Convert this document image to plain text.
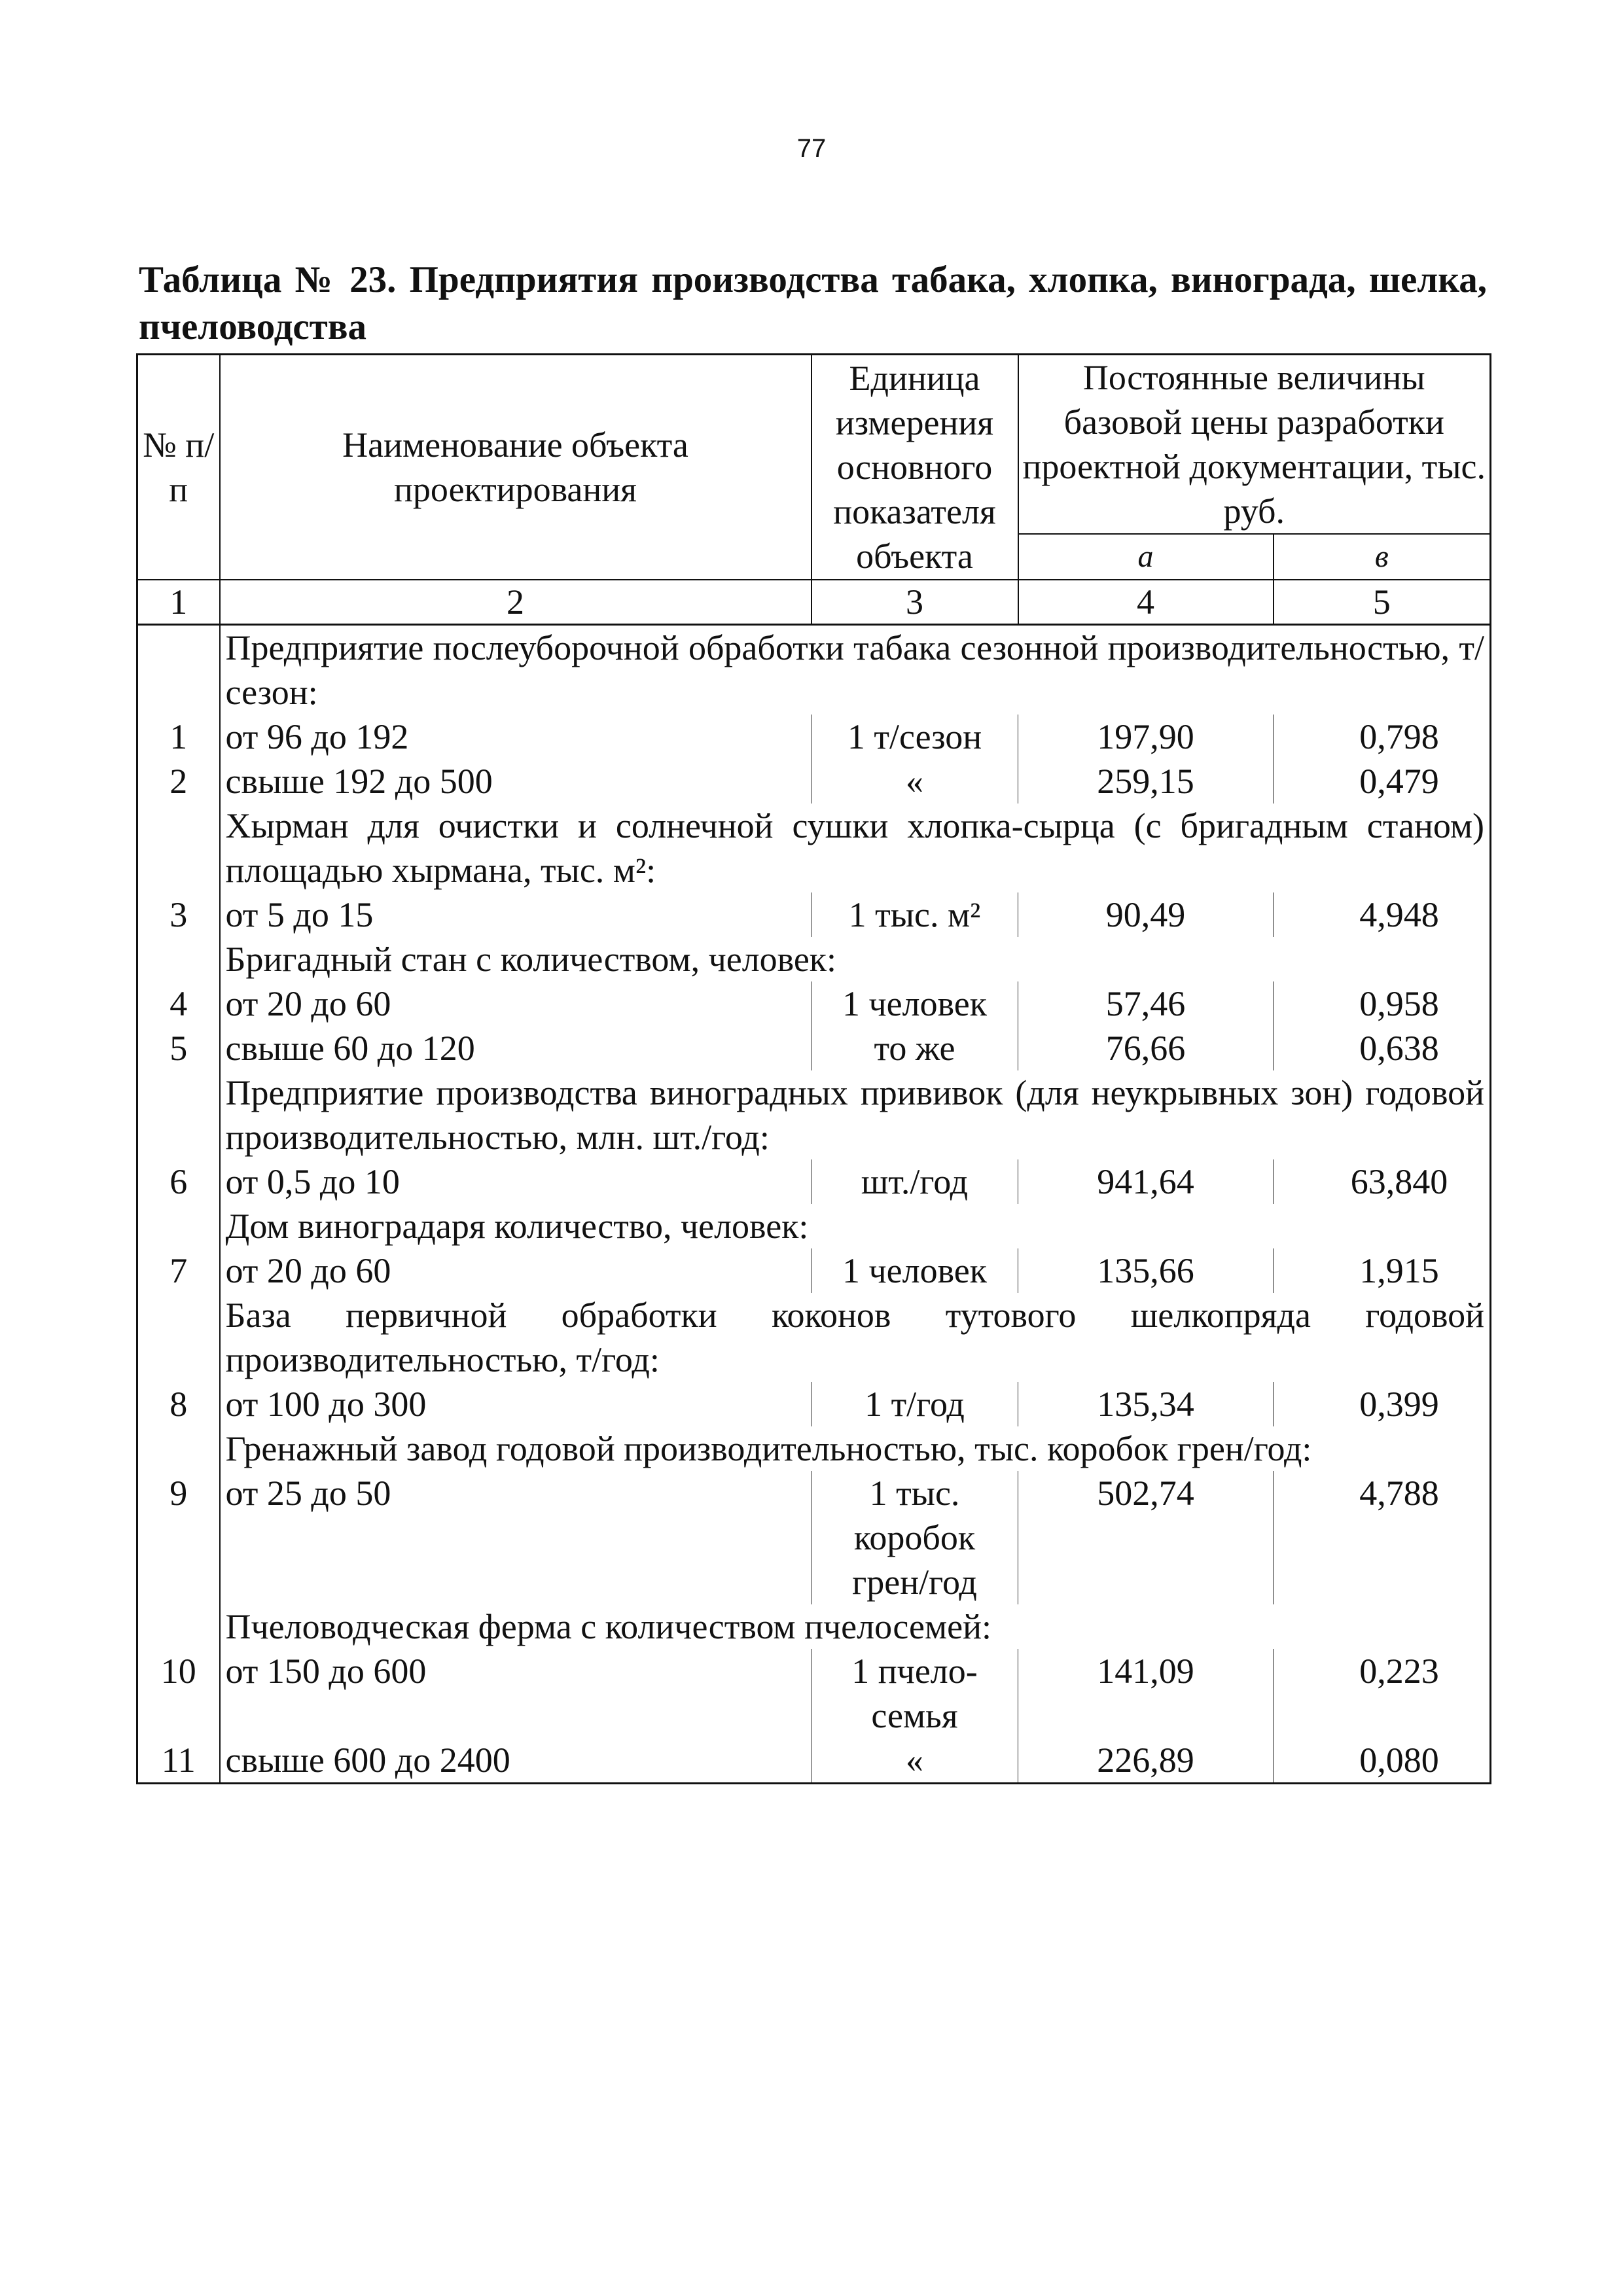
77
Таблица № 23. Предприятия производства табака, хлопка, винограда, шелка, пчеловодства
№ п/п	Наименование объекта проектирования	Единица измерения основного показателя объекта	Постоянные величины базовой цены разработки проектной документации, тыс. руб.	
			а	в
1	2	3	4	5
	Предприятие послеуборочной обработки табака сезонной производительностью, т/сезон:			
1	от 96 до 192	1 т/сезон	197,90	0,798
2	свыше 192 до 500	«	259,15	0,479
	Хырман для очистки и солнечной сушки хлопка-сырца (с бригадным станом) площадью хырмана, тыс. м²:			
3	от 5 до 15	1 тыс. м²	90,49	4,948
	Бригадный стан с количеством, человек:			
4	от 20 до 60	1 человек	57,46	0,958
5	свыше 60 до 120	то же	76,66	0,638
	Предприятие производства виноградных прививок (для неукрывных зон) годовой производительностью, млн. шт./год:			
6	от 0,5 до 10	шт./год	941,64	63,840
	Дом виноградаря количество, человек:			
7	от 20 до 60	1 человек	135,66	1,915
	База первичной обработки коконов тутового шелкопряда годовой производительностью, т/год:			
8	от 100 до 300	1 т/год	135,34	0,399
	Гренажный завод годовой производительностью, тыс. коробок грен/год:			
9	от 25 до 50	1 тыс. коробок грен/год	502,74	4,788
	Пчеловодческая ферма с количеством пчелосемей:			
10	от 150 до 600	1 пчело-семья	141,09	0,223
11	свыше 600 до 2400	«	226,89	0,080
